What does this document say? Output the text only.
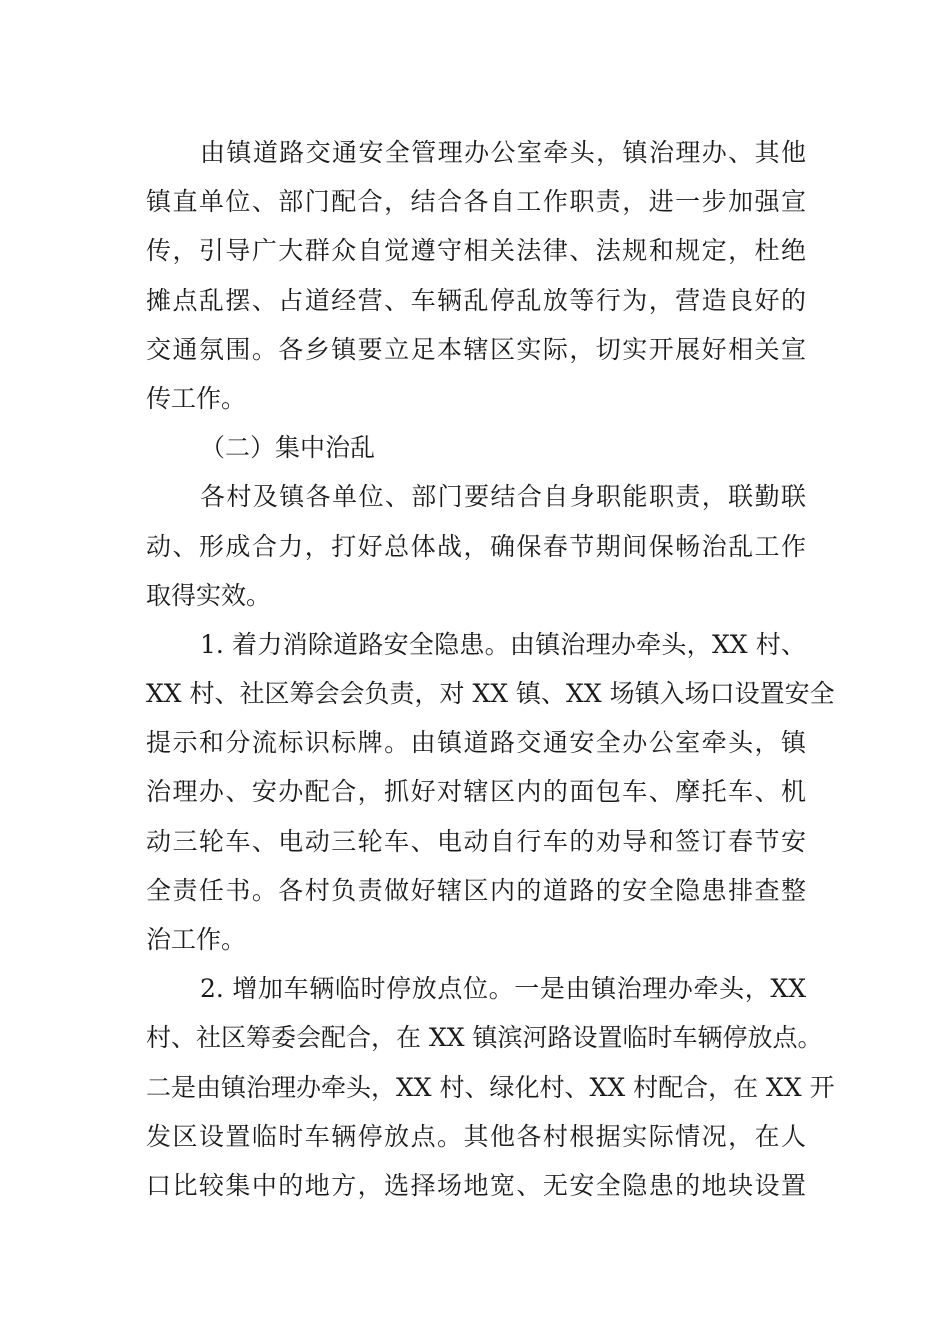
由镇道路交通安全管理办公室牵头，镇治理办、其他
镇直单位、部门配合，结合各自工作职责，进一步加强宣
传，引导广大群众自觉遵守相关法律、法规和规定，杜绝
摊点乱摆、占道经营、车辆乱停乱放等行为，营造良好的
交通氛围。各乡镇要立足本辖区实际，切实开展好相关宣
传工作。
（二）集中治乱
各村及镇各单位、部门要结合自身职能职责，联勤联
动、形成合力，打好总体战，确保春节期间保畅治乱工作
取得实效。
1. 着力消除道路安全隐患。由镇治理办牵头，XX 村、
XX 村、社区筹会会负责，对 XX 镇、XX 场镇入场口设置安全
提示和分流标识标牌。由镇道路交通安全办公室牵头，镇
治理办、安办配合，抓好对辖区内的面包车、摩托车、机
动三轮车、电动三轮车、电动自行车的劝导和签订春节安
全责任书。各村负责做好辖区内的道路的安全隐患排查整
治工作。
2. 增加车辆临时停放点位。一是由镇治理办牵头，XX
村、社区筹委会配合，在 XX 镇滨河路设置临时车辆停放点。
二是由镇治理办牵头，XX 村、绿化村、XX 村配合，在 XX 开
发区设置临时车辆停放点。其他各村根据实际情况，在人
口比较集中的地方，选择场地宽、无安全隐患的地块设置
